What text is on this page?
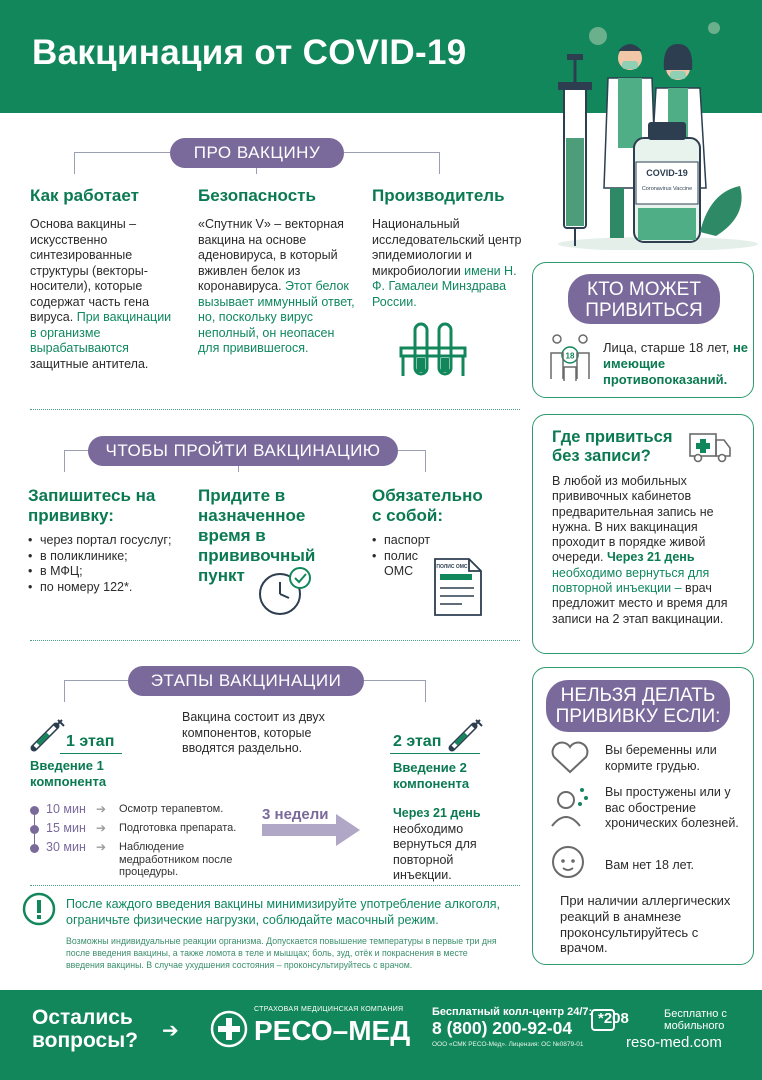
Вакцинация от COVID-19
COVID-19
Coronavirus Vaccine
ПРО ВАКЦИНУ
Как работает
Основа вакцины – искусственно синтезированные структуры (векторы-носители), которые содержат часть гена вируса. При вакцинации в организме вырабатываются защитные антитела.
Безопасность
«Спутник V» – векторная вакцина на основе аденовируса, в который вживлен белок из коронавируса. Этот белок вызывает иммунный ответ, но, поскольку вирус неполный, он неопасен для привившегося.
Производитель
Национальный исследовательский центр эпидемиологии и микробиологии имени Н. Ф. Гамалеи Минздрава России.
КТО МОЖЕТ ПРИВИТЬСЯ
18
Лица, старше 18 лет, не имеющие противопоказаний.
Где привиться без записи?
В любой из мобильных прививочных кабинетов предварительная запись не нужна. В них вакцинация проходит в порядке живой очереди. Через 21 день необходимо вернуться для повторной инъекции – врач предложит место и время для записи на 2 этап вакцинации.
ЧТОБЫ ПРОЙТИ ВАКЦИНАЦИЮ
Запишитесь на прививку:
• через портал госуслуг;
• в поликлинике;
• в МФЦ;
• по номеру 122*.
Придите в назначенное время в прививочный пункт
Обязательно с собой:
• паспорт
• полис ОМС	ПОЛИС ОМС
НЕЛЬЗЯ ДЕЛАТЬ ПРИВИВКУ ЕСЛИ:
Вы беременны или кормите грудью.
Вы простужены или у вас обострение хронических болезней.
Вам нет 18 лет.
При наличии аллергических реакций в анамнезе проконсультируйтесь с врачом.
ЭТАПЫ ВАКЦИНАЦИИ
Вакцина состоит из двух компонентов, которые вводятся раздельно.
1 этап
Введение 1 компонента
10 мин ➔ Осмотр терапевтом.
15 мин ➔ Подготовка препарата.
30 мин ➔ Наблюдение медработником после процедуры.
3 недели
2 этап
Введение 2 компонента
Через 21 день
необходимо вернуться для повторной инъекции.
После каждого введения вакцины минимизируйте употребление алкоголя, ограничьте физические нагрузки, соблюдайте масочный режим.
Возможны индивидуальные реакции организма. Допускается повышение температуры в первые три дня после введения вакцины, а также ломота в теле и мышцах; боль, зуд, отёк и покраснения в месте введения вакцины. В случае ухудшения состояния – проконсультируйтесь с врачом.
Остались вопросы?	➔
СТРАХОВАЯ МЕДИЦИНСКАЯ КОМПАНИЯ
РЕСО–МЕД
Бесплатный колл-центр 24/7:
8 (800) 200-92-04
ООО «СМК РЕСО-Мед». Лицензия: ОС №0879-01
*208	Бесплатно с мобильного
reso-med.com
